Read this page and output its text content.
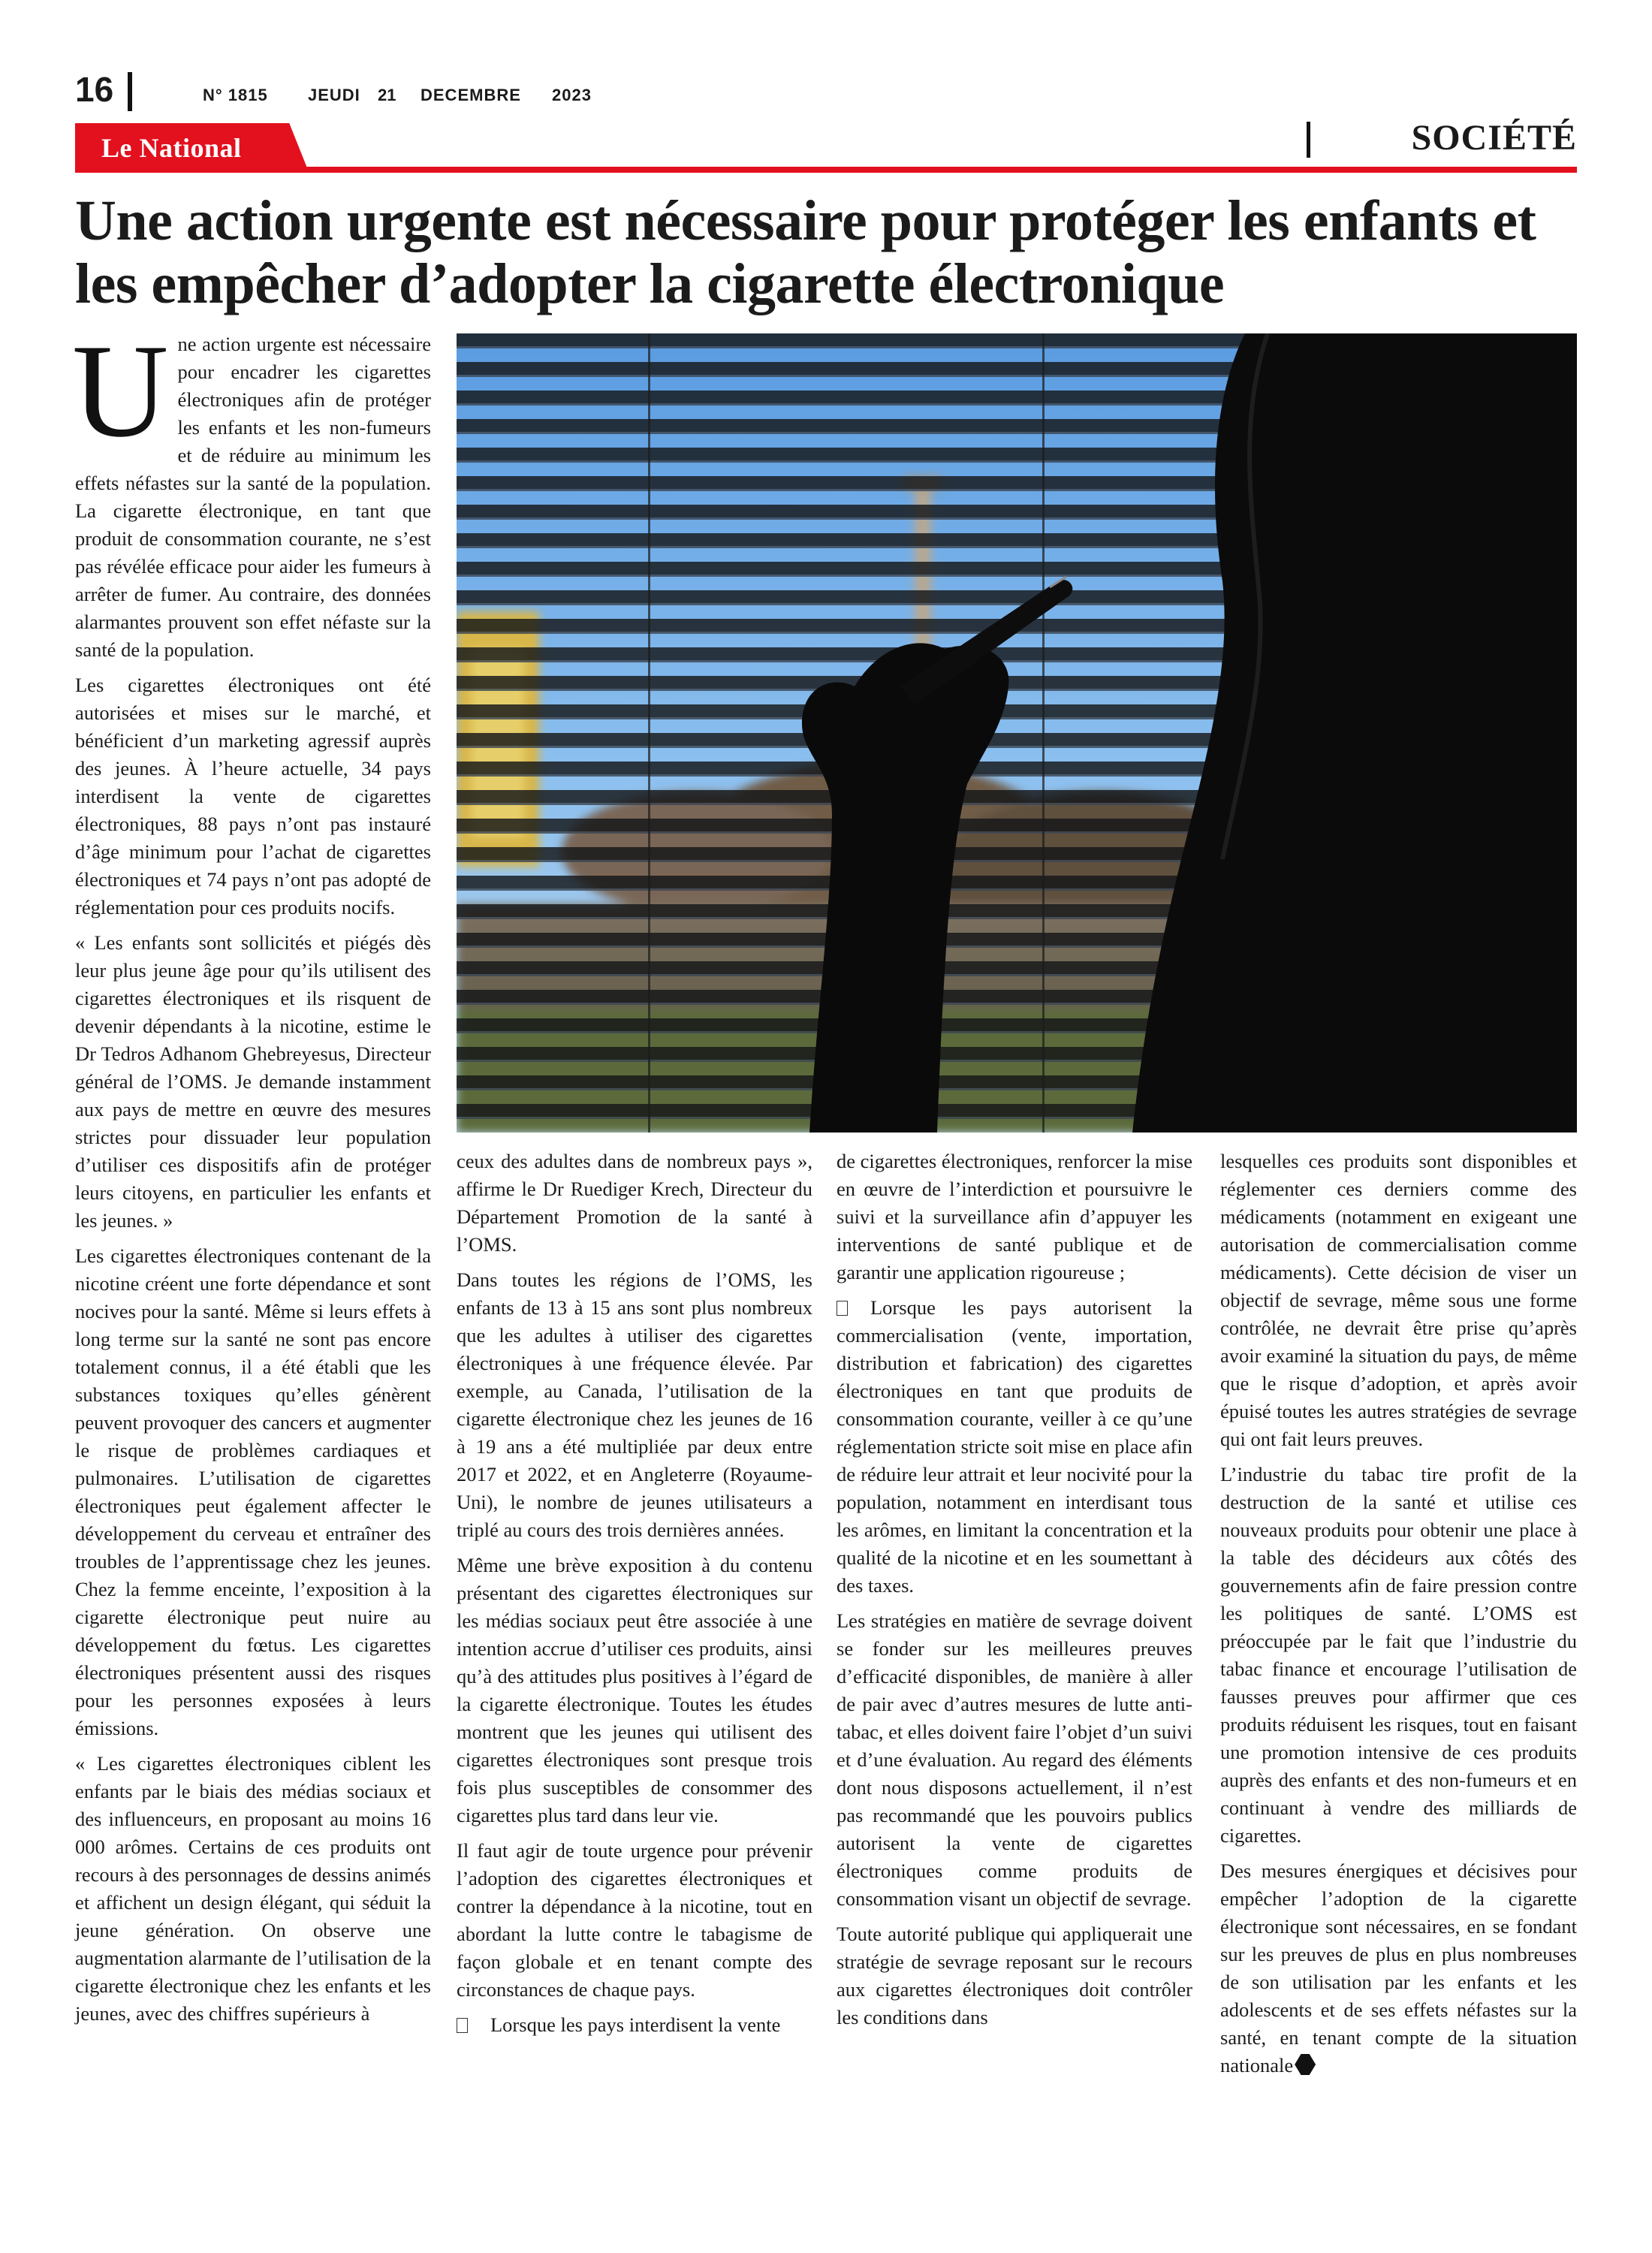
16	N° 1815 JEUDI 21 DECEMBRE 2023
Le National	SOCIÉTÉ
Une action urgente est nécessaire pour protéger les enfants et les empêcher d’adopter la cigarette électronique

Une action urgente est nécessaire pour encadrer les cigarettes électroniques afin de protéger les enfants et les non-fumeurs et de réduire au minimum les effets néfastes sur la santé de la population. La cigarette électronique, en tant que produit de consommation courante, ne s’est pas révélée efficace pour aider les fumeurs à arrêter de fumer. Au contraire, des données alarmantes prouvent son effet néfaste sur la santé de la population.

Les cigarettes électroniques ont été autorisées et mises sur le marché, et bénéficient d’un marketing agressif auprès des jeunes. À l’heure actuelle, 34 pays interdisent la vente de cigarettes électroniques, 88 pays n’ont pas instauré d’âge minimum pour l’achat de cigarettes électroniques et 74 pays n’ont pas adopté de réglementation pour ces produits nocifs.

« Les enfants sont sollicités et piégés dès leur plus jeune âge pour qu’ils utilisent des cigarettes électroniques et ils risquent de devenir dépendants à la nicotine, estime le Dr Tedros Adhanom Ghebreyesus, Directeur général de l’OMS. Je demande instamment aux pays de mettre en œuvre des mesures strictes pour dissuader leur population d’utiliser ces dispositifs afin de protéger leurs citoyens, en particulier les enfants et les jeunes. »

Les cigarettes électroniques contenant de la nicotine créent une forte dépendance et sont nocives pour la santé. Même si leurs effets à long terme sur la santé ne sont pas encore totalement connus, il a été établi que les substances toxiques qu’elles génèrent peuvent provoquer des cancers et augmenter le risque de problèmes cardiaques et pulmonaires. L’utilisation de cigarettes électroniques peut également affecter le développement du cerveau et entraîner des troubles de l’apprentissage chez les jeunes. Chez la femme enceinte, l’exposition à la cigarette électronique peut nuire au développement du fœtus. Les cigarettes électroniques présentent aussi des risques pour les personnes exposées à leurs émissions.

« Les cigarettes électroniques ciblent les enfants par le biais des médias sociaux et des influenceurs, en proposant au moins 16 000 arômes. Certains de ces produits ont recours à des personnages de dessins animés et affichent un design élégant, qui séduit la jeune génération. On observe une augmentation alarmante de l’utilisation de la cigarette électronique chez les enfants et les jeunes, avec des chiffres supérieurs à

ceux des adultes dans de nombreux pays », affirme le Dr Ruediger Krech, Directeur du Département Promotion de la santé à l’OMS.

Dans toutes les régions de l’OMS, les enfants de 13 à 15 ans sont plus nombreux que les adultes à utiliser des cigarettes électroniques à une fréquence élevée. Par exemple, au Canada, l’utilisation de la cigarette électronique chez les jeunes de 16 à 19 ans a été multipliée par deux entre 2017 et 2022, et en Angleterre (Royaume-Uni), le nombre de jeunes utilisateurs a triplé au cours des trois dernières années.

Même une brève exposition à du contenu présentant des cigarettes électroniques sur les médias sociaux peut être associée à une intention accrue d’utiliser ces produits, ainsi qu’à des attitudes plus positives à l’égard de la cigarette électronique. Toutes les études montrent que les jeunes qui utilisent des cigarettes électroniques sont presque trois fois plus susceptibles de consommer des cigarettes plus tard dans leur vie.

Il faut agir de toute urgence pour prévenir l’adoption des cigarettes électroniques et contrer la dépendance à la nicotine, tout en abordant la lutte contre le tabagisme de façon globale et en tenant compte des circonstances de chaque pays.

Lorsque les pays interdisent la vente

de cigarettes électroniques, renforcer la mise en œuvre de l’interdiction et poursuivre le suivi et la surveillance afin d’appuyer les interventions de santé publique et de garantir une application rigoureuse ;

Lorsque les pays autorisent la commercialisation (vente, importation, distribution et fabrication) des cigarettes électroniques en tant que produits de consommation courante, veiller à ce qu’une réglementation stricte soit mise en place afin de réduire leur attrait et leur nocivité pour la population, notamment en interdisant tous les arômes, en limitant la concentration et la qualité de la nicotine et en les soumettant à des taxes.

Les stratégies en matière de sevrage doivent se fonder sur les meilleures preuves d’efficacité disponibles, de manière à aller de pair avec d’autres mesures de lutte anti-tabac, et elles doivent faire l’objet d’un suivi et d’une évaluation. Au regard des éléments dont nous disposons actuellement, il n’est pas recommandé que les pouvoirs publics autorisent la vente de cigarettes électroniques comme produits de consommation visant un objectif de sevrage.

Toute autorité publique qui appliquerait une stratégie de sevrage reposant sur le recours aux cigarettes électroniques doit contrôler les conditions dans

lesquelles ces produits sont disponibles et réglementer ces derniers comme des médicaments (notamment en exigeant une autorisation de commercialisation comme médicaments). Cette décision de viser un objectif de sevrage, même sous une forme contrôlée, ne devrait être prise qu’après avoir examiné la situation du pays, de même que le risque d’adoption, et après avoir épuisé toutes les autres stratégies de sevrage qui ont fait leurs preuves.

L’industrie du tabac tire profit de la destruction de la santé et utilise ces nouveaux produits pour obtenir une place à la table des décideurs aux côtés des gouvernements afin de faire pression contre les politiques de santé. L’OMS est préoccupée par le fait que l’industrie du tabac finance et encourage l’utilisation de fausses preuves pour affirmer que ces produits réduisent les risques, tout en faisant une promotion intensive de ces produits auprès des enfants et des non-fumeurs et en continuant à vendre des milliards de cigarettes.

Des mesures énergiques et décisives pour empêcher l’adoption de la cigarette électronique sont nécessaires, en se fondant sur les preuves de plus en plus nombreuses de son utilisation par les enfants et les adolescents et de ses effets néfastes sur la santé, en tenant compte de la situation nationale
